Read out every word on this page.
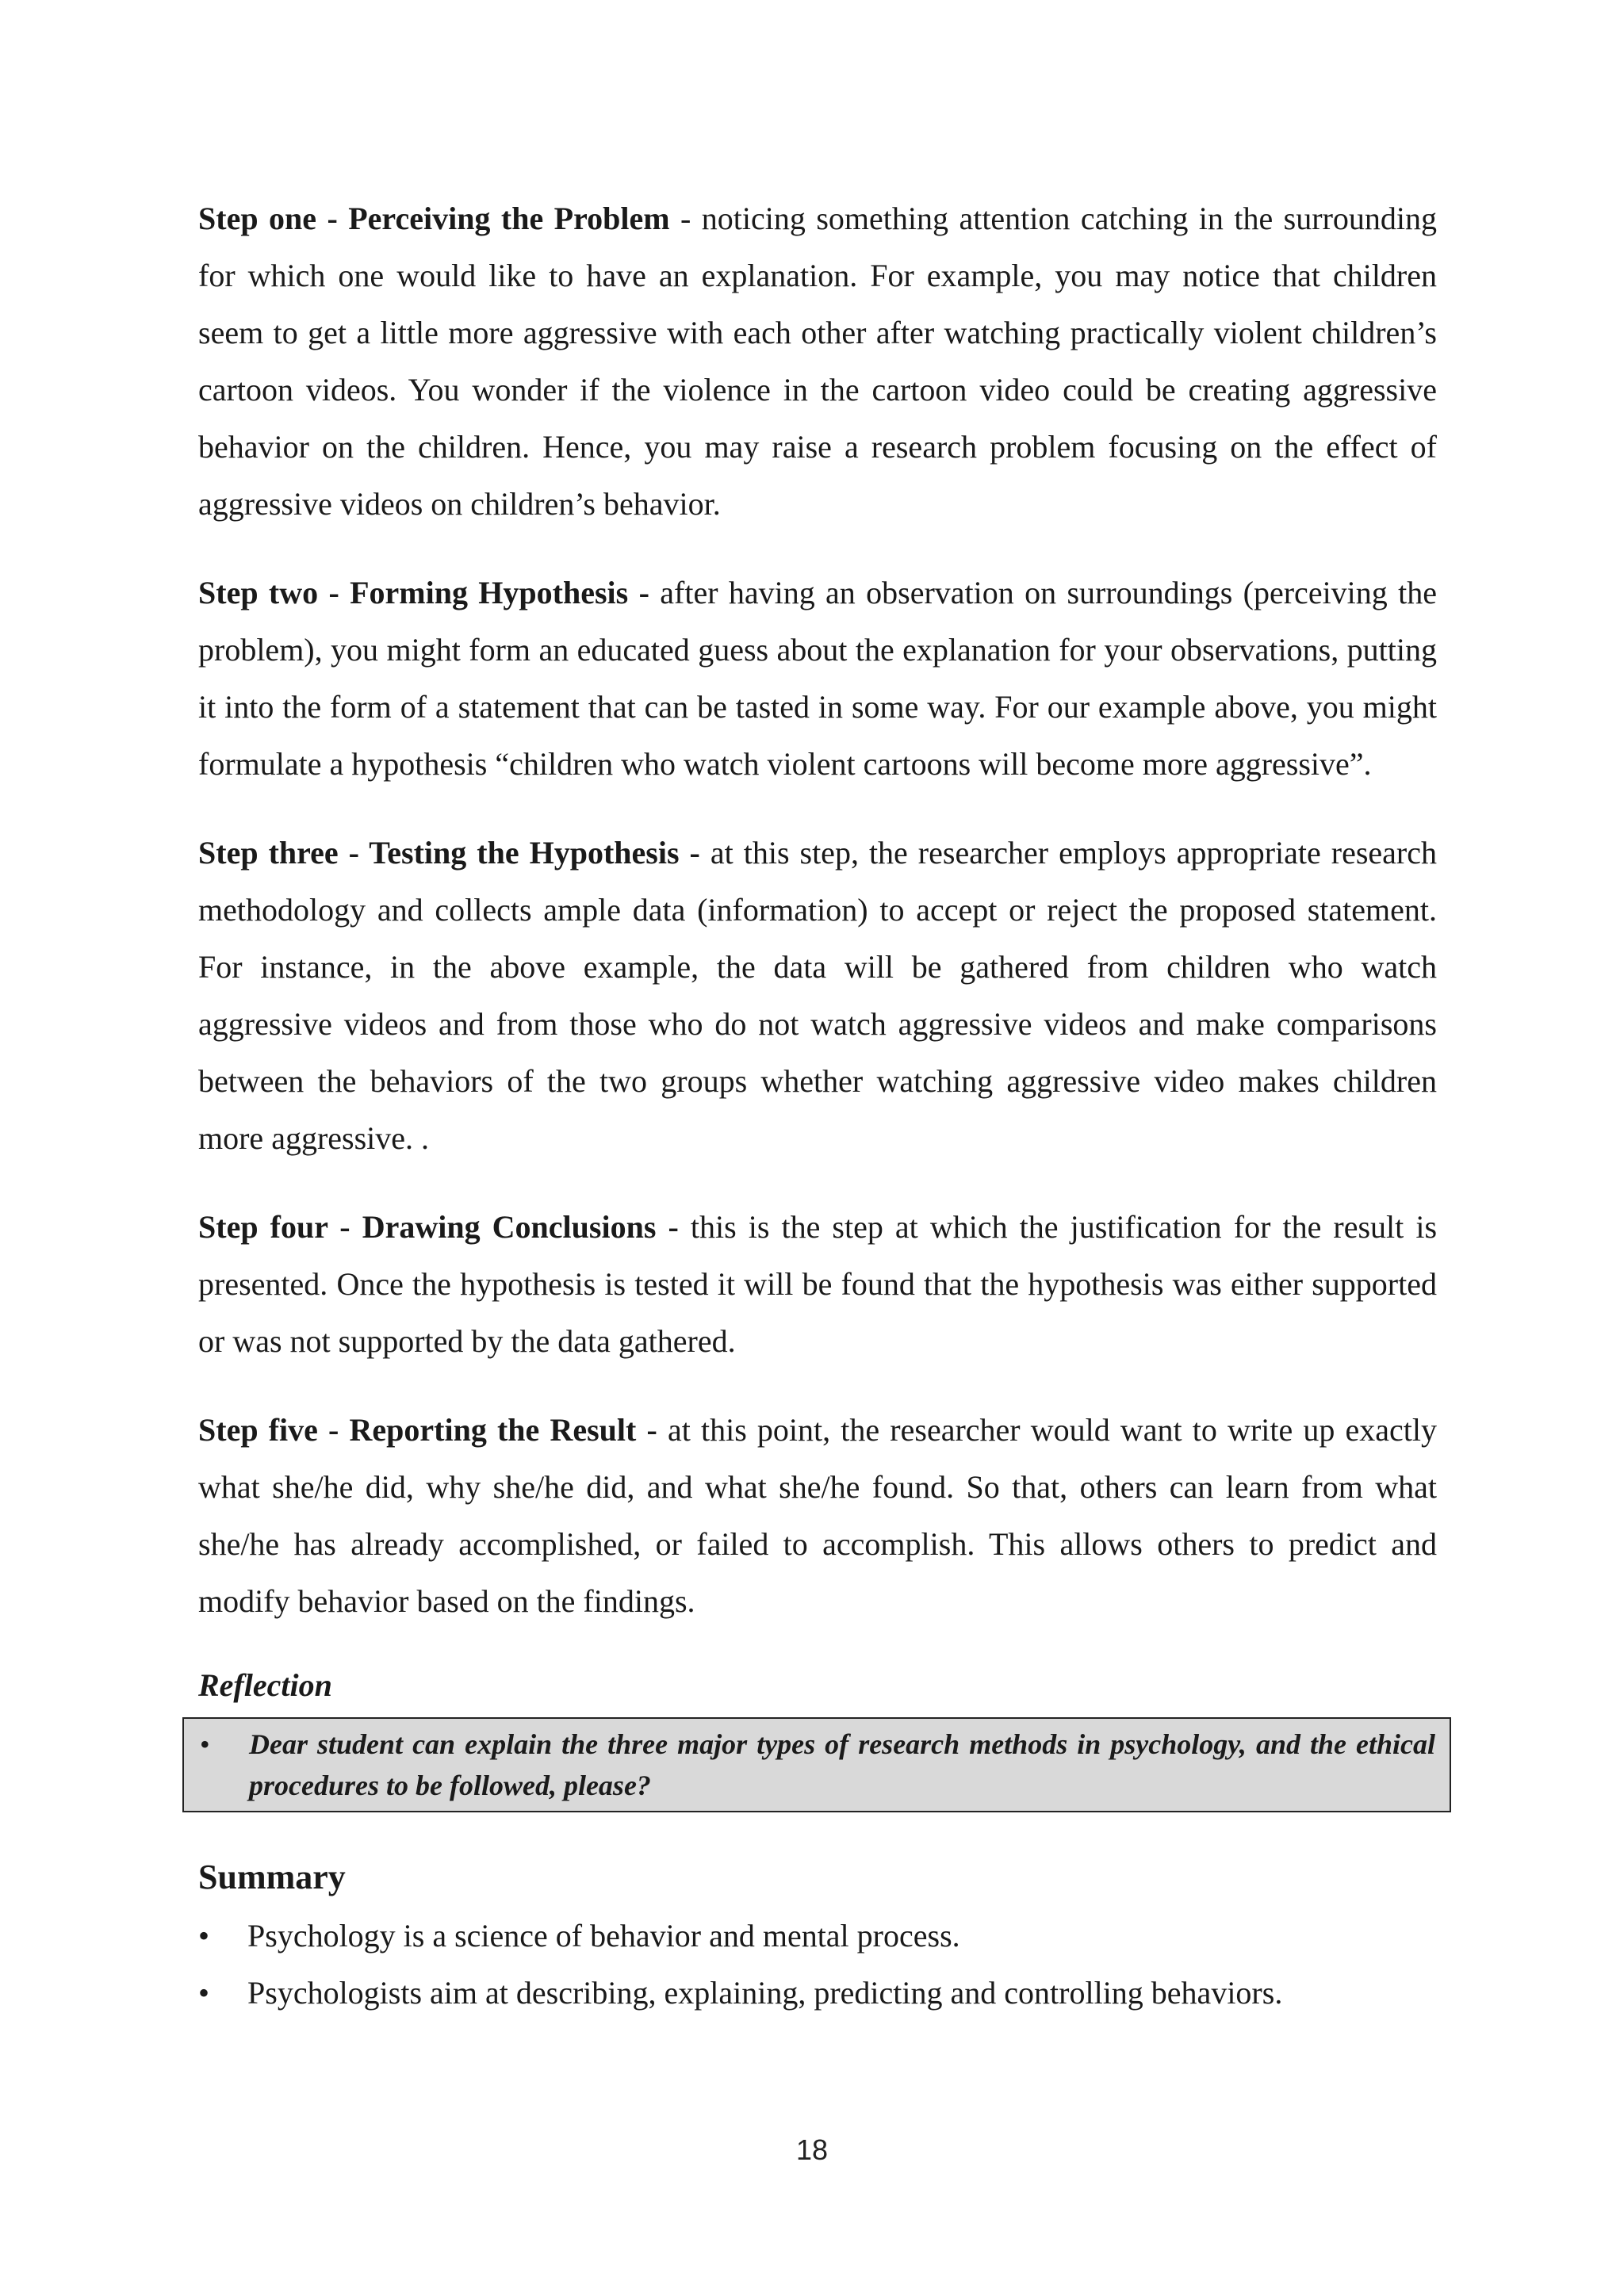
Step one - Perceiving the Problem - noticing something attention catching in the surrounding for which one would like to have an explanation. For example, you may notice that children seem to get a little more aggressive with each other after watching practically violent children’s cartoon videos. You wonder if the violence in the cartoon video could be creating aggressive behavior on the children. Hence, you may raise a research problem focusing on the effect of aggressive videos on children’s behavior.

Step two - Forming Hypothesis - after having an observation on surroundings (perceiving the problem), you might form an educated guess about the explanation for your observations, putting it into the form of a statement that can be tasted in some way. For our example above, you might formulate a hypothesis “children who watch violent cartoons will become more aggressive”.

Step three - Testing the Hypothesis - at this step, the researcher employs appropriate research methodology and collects ample data (information) to accept or reject the proposed statement. For instance, in the above example, the data will be gathered from children who watch aggressive videos and from those who do not watch aggressive videos and make comparisons between the behaviors of the two groups whether watching aggressive video makes children more aggressive. .

Step four - Drawing Conclusions - this is the step at which the justification for the result is presented. Once the hypothesis is tested it will be found that the hypothesis was either supported or was not supported by the data gathered.

Step five - Reporting the Result - at this point, the researcher would want to write up exactly what she/he did, why she/he did, and what she/he found. So that, others can learn from what she/he has already accomplished, or failed to accomplish. This allows others to predict and modify behavior based on the findings.

Reflection
•	Dear student can explain the three major types of research methods in psychology, and the ethical procedures to be followed, please?
Summary
•	Psychology is a science of behavior and mental process.
•	Psychologists aim at describing, explaining, predicting and controlling behaviors.
18
